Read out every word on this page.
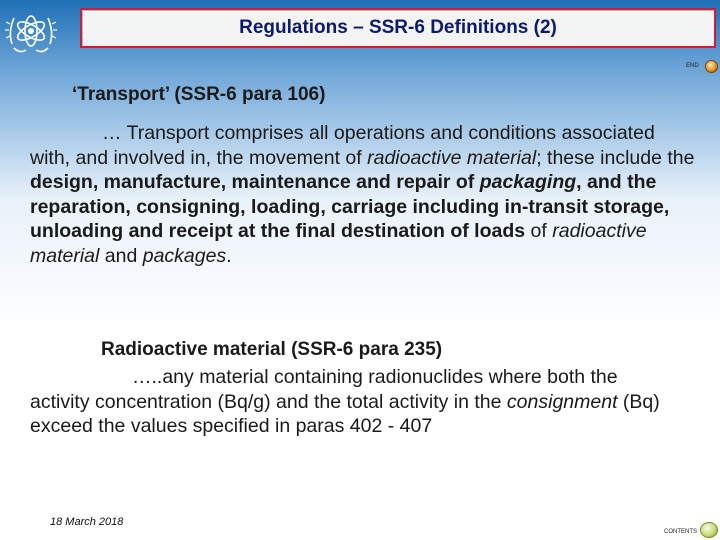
Regulations – SSR-6 Definitions (2)
END
‘Transport’ (SSR-6 para 106)
… Transport comprises all operations and conditions associated with, and involved in, the movement of radioactive material; these include the design, manufacture, maintenance and repair of packaging, and the reparation, consigning, loading, carriage including in-transit storage, unloading and receipt at the final destination of loads of radioactive material and packages.
Radioactive material (SSR-6 para 235)
…..any material containing radionuclides where both the activity concentration (Bq/g) and the total activity in the consignment (Bq) exceed the values specified in paras 402 - 407
18 March 2018
CONTENTS
